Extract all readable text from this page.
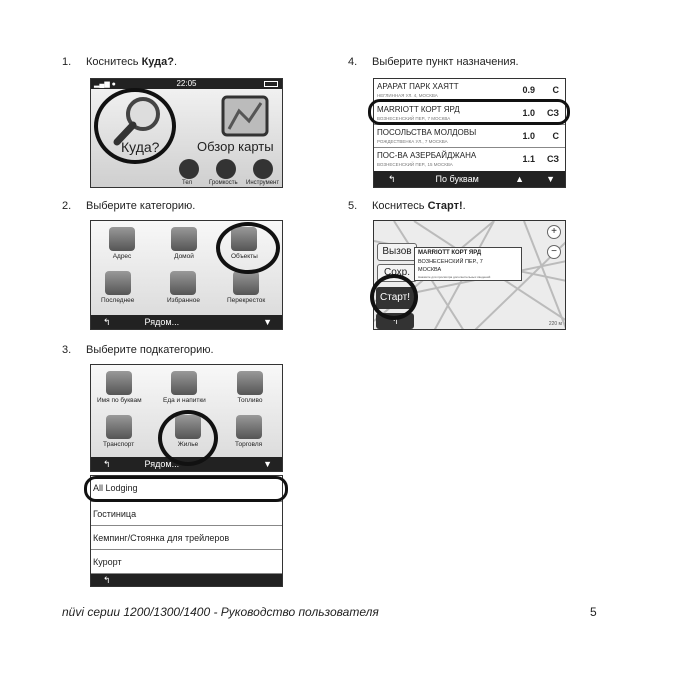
1. Коснитесь Куда?.
22:05
▂▄▆ ●
Куда?	Обзор карты
Тел	Громкость Инструмент
2. Выберите категорию.
Адрес	Домой	Объекты
Последнее	Избранное	Перекресток
↰	Рядом...	▼
3. Выберите подкатегорию.
Имя по буквам	Еда и напитки	Топливо
Транспорт	Жилье	Торговля
↰	Рядом...	▼
All Lodging
Гостиница
Кемпинг/Стоянка для трейлеров
Курорт
↰
4. Выберите пункт назначения.
АРАРАТ ПАРК ХАЯТТ
НЕГЛИННАЯ УЛ. 4, МОСКВА
0.9 С
MARRIOTT КОРТ ЯРД
ВОЗНЕСЕНСКИЙ ПЕР., 7 МОСКВА
1.0 СЗ
ПОСОЛЬСТВА МОЛДОВЫ
РОЖДЕСТВЕНКА УЛ., 7 МОСКВА
1.0 С
ПОС-ВА АЗЕРБАЙДЖАНА
ВОЗНЕСЕНСКИЙ ПЕР., 15 МОСКВА
1.1 СЗ
↰	По буквам	▲ ▼
5. Коснитесь Старт!.
Вызов
Сохр.
Старт!
↰
MARRIOTT КОРТ ЯРД
ВОЗНЕСЕНСКИЙ ПЕР., 7
МОСКВА
Нажмите для просмотра дополнительных сведений
+
−
220 м
nüvi серии 1200/1300/1400 - Руководство пользователя	5
